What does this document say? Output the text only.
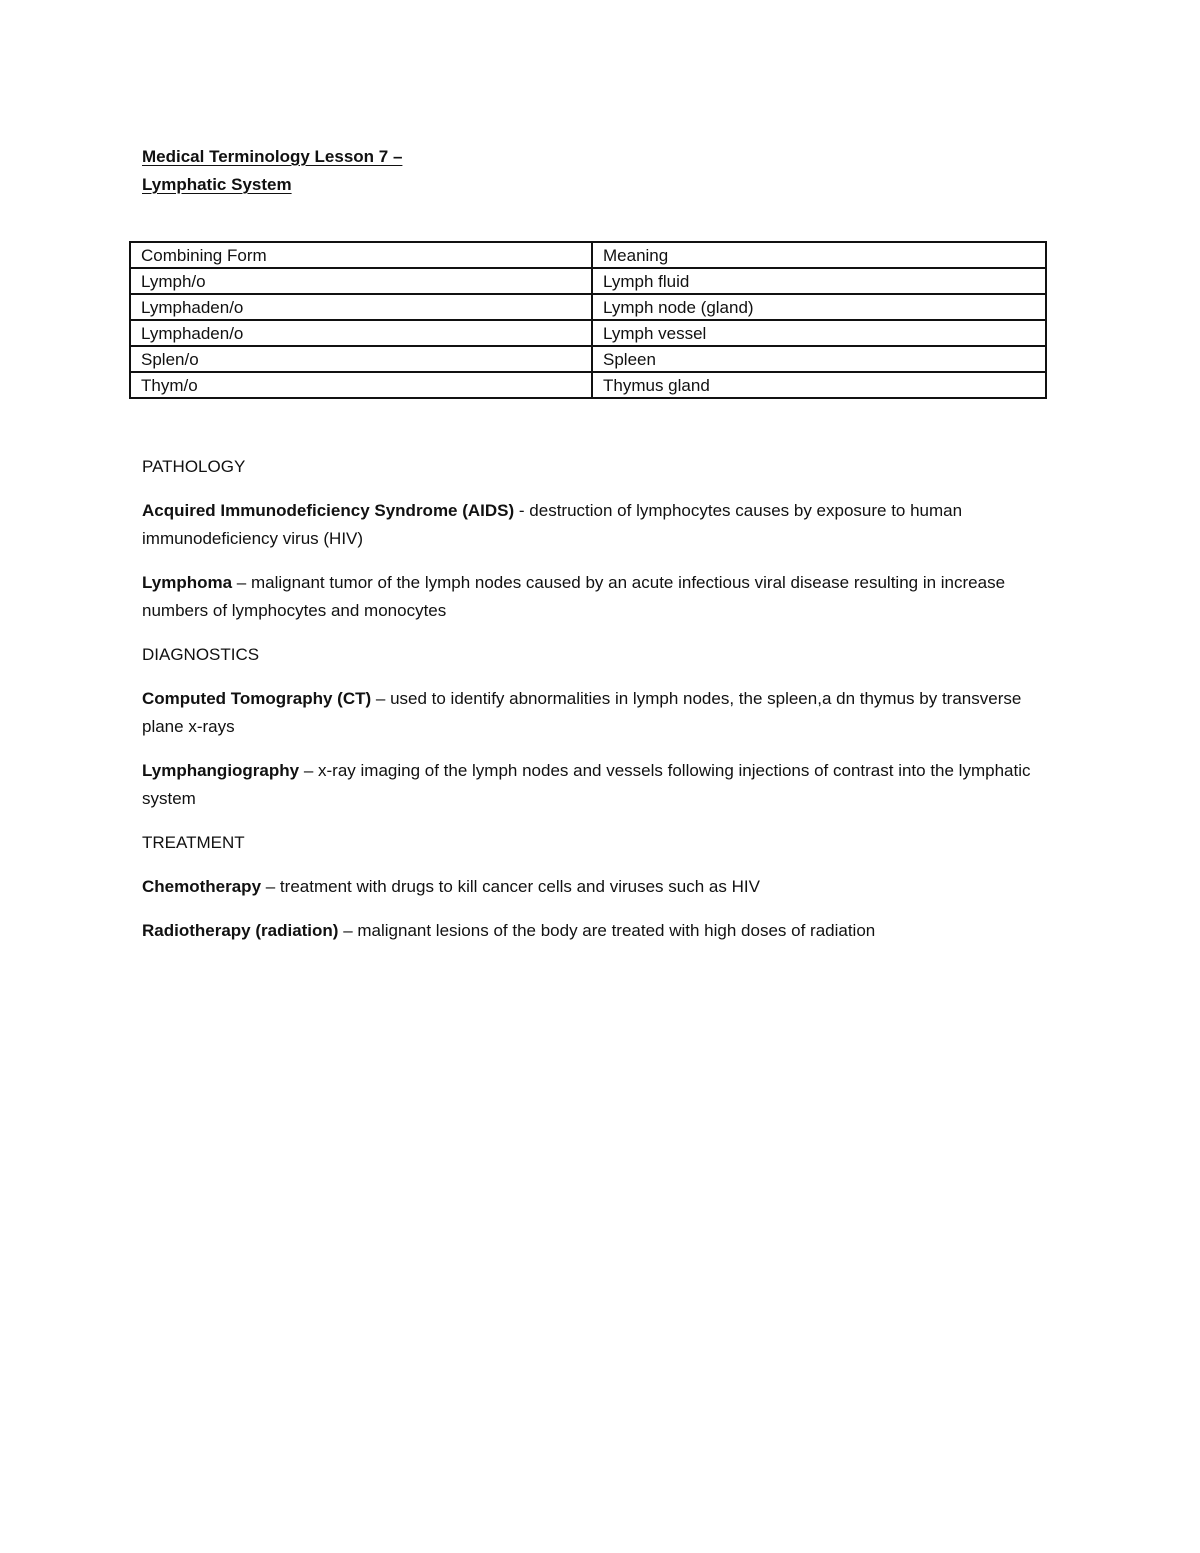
Medical Terminology Lesson 7 –
Lymphatic System
Combining Form	Meaning
Lymph/o	Lymph fluid
Lymphaden/o	Lymph node (gland)
Lymphaden/o	Lymph vessel
Splen/o	Spleen
Thym/o	Thymus gland

PATHOLOGY

Acquired Immunodeficiency Syndrome (AIDS) - destruction of lymphocytes causes by exposure to human immunodeficiency virus (HIV)

Lymphoma – malignant tumor of the lymph nodes caused by an acute infectious viral disease resulting in increase numbers of lymphocytes and monocytes

DIAGNOSTICS

Computed Tomography (CT) – used to identify abnormalities in lymph nodes, the spleen,a dn thymus by transverse plane x-rays

Lymphangiography – x-ray imaging of the lymph nodes and vessels following injections of contrast into the lymphatic system

TREATMENT

Chemotherapy – treatment with drugs to kill cancer cells and viruses such as HIV

Radiotherapy (radiation) – malignant lesions of the body are treated with high doses of radiation
